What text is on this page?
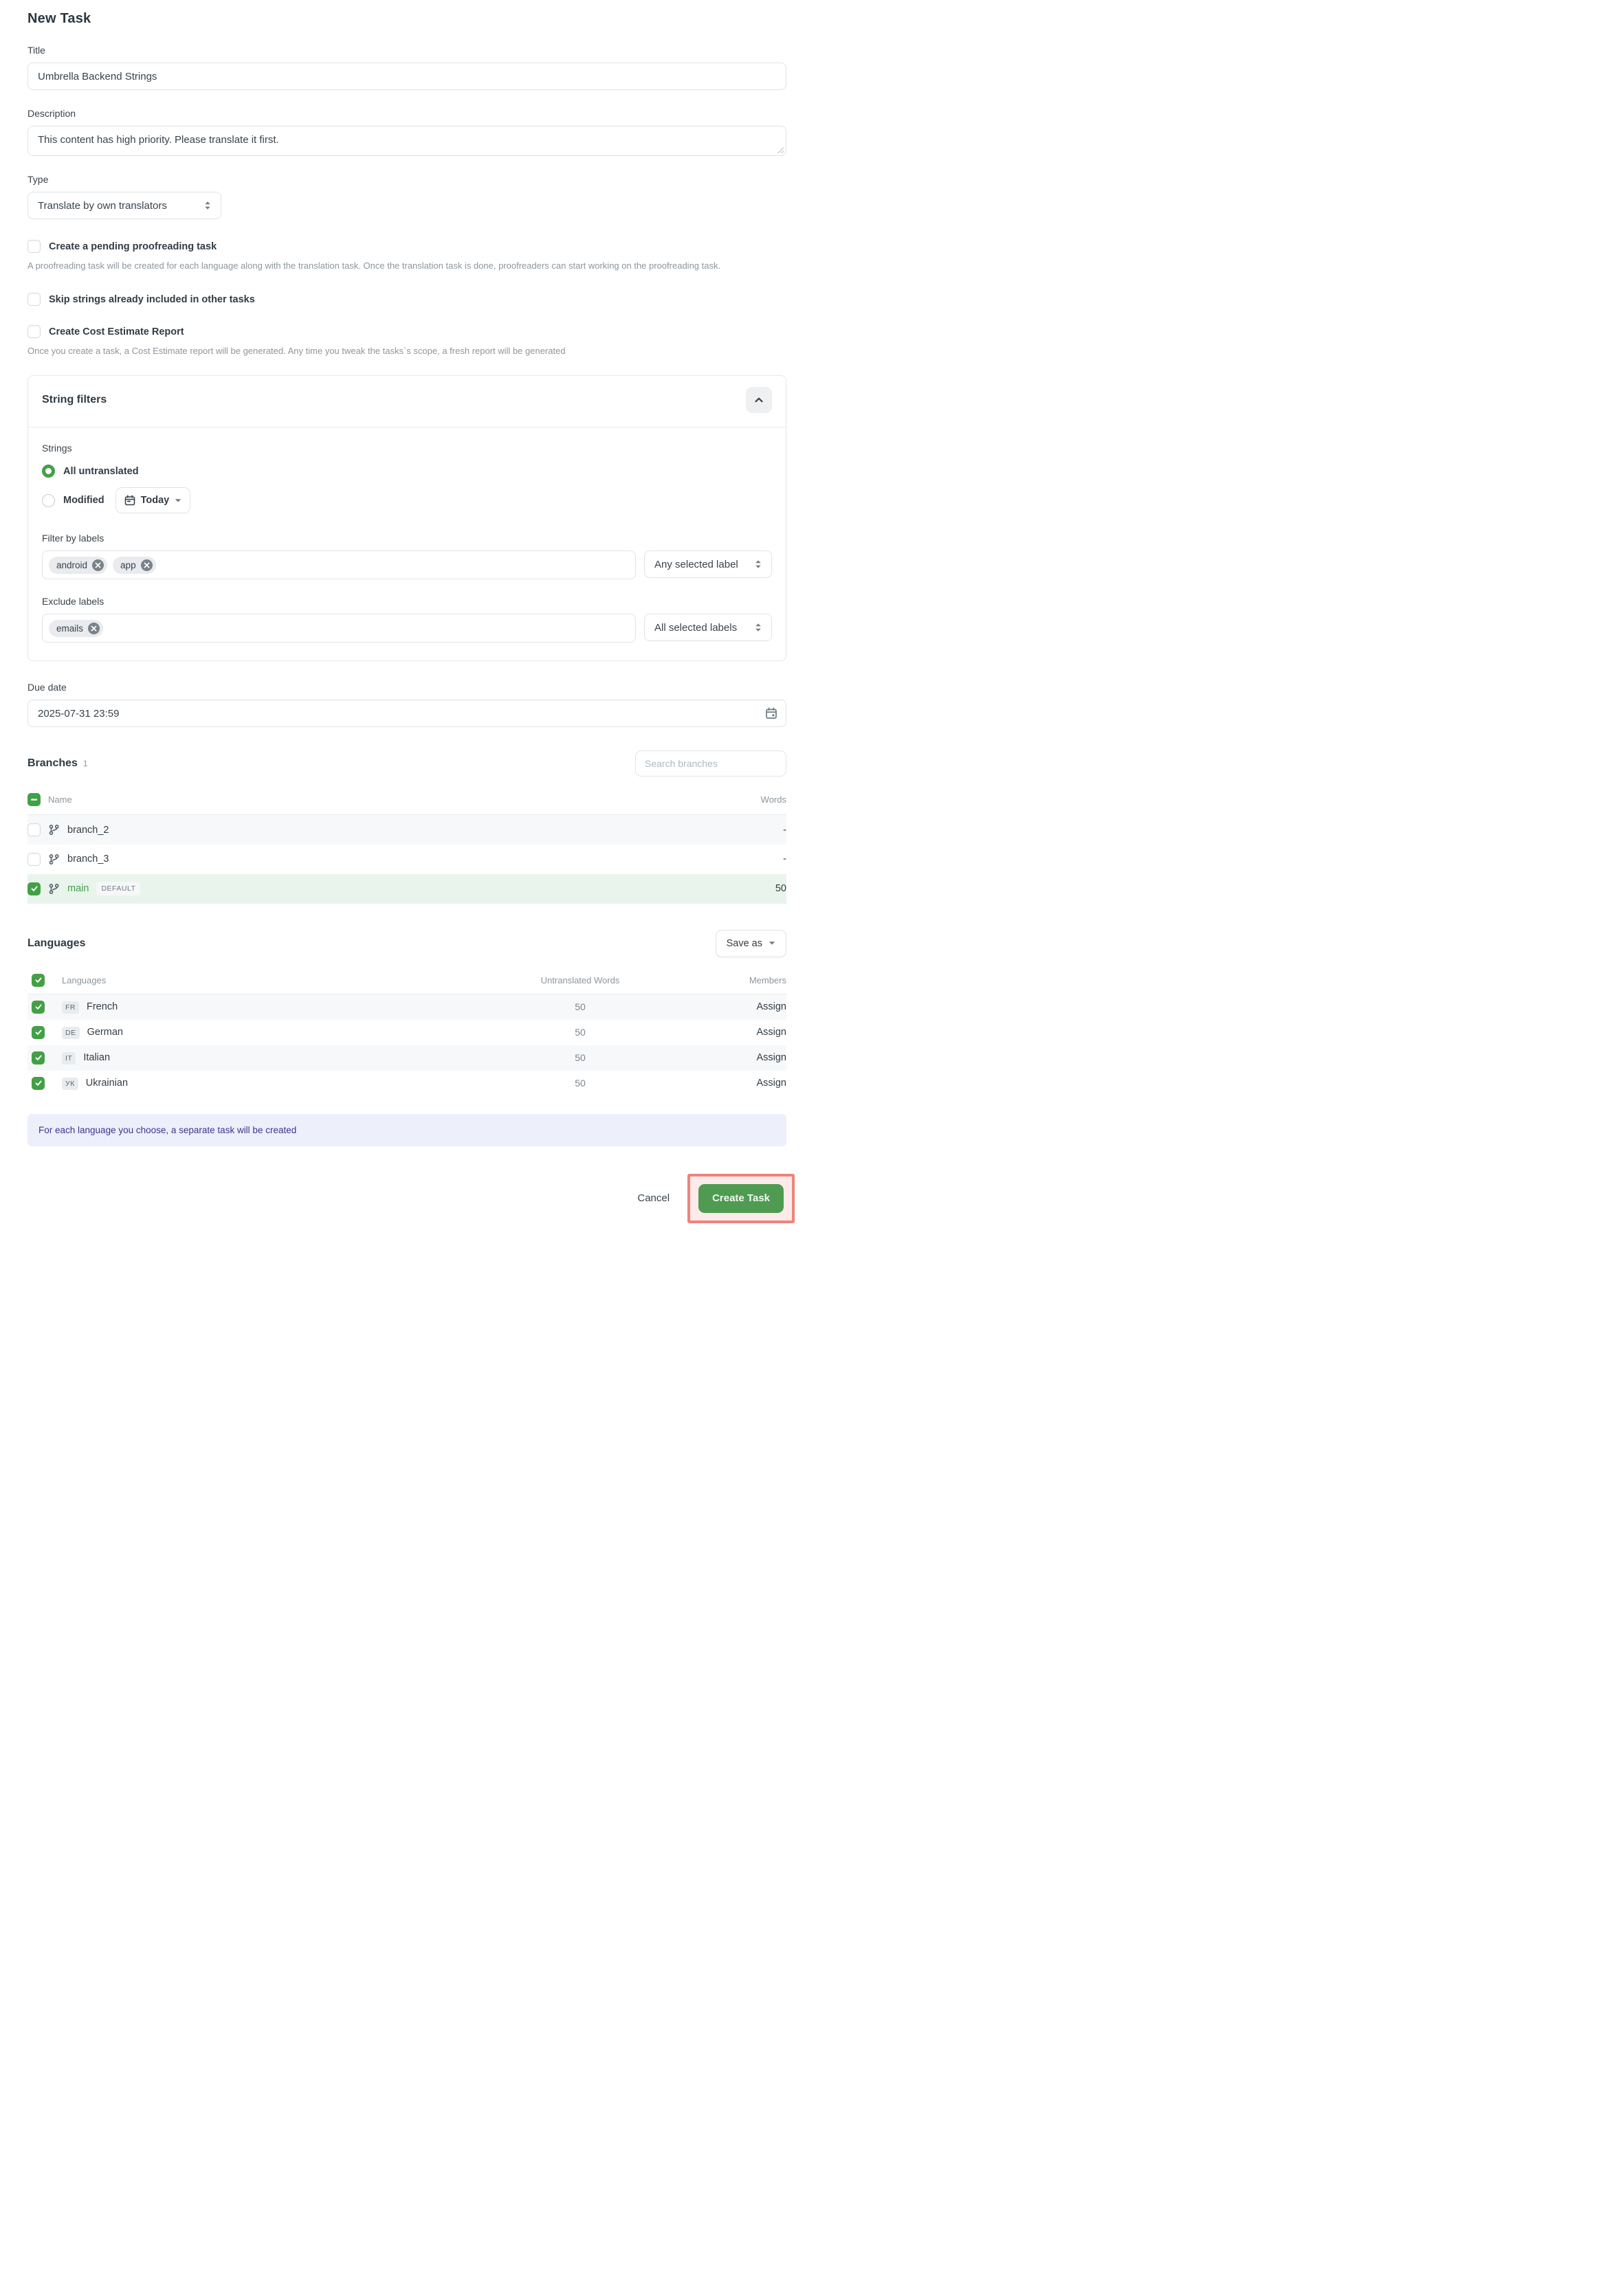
New Task
Title
Umbrella Backend Strings
Description
This content has high priority. Please translate it first.
Type
Translate by own translators
Create a pending proofreading task
A proofreading task will be created for each language along with the translation task. Once the translation task is done, proofreaders can start working on the proofreading task.
Skip strings already included in other tasks
Create Cost Estimate Report
Once you create a task, a Cost Estimate report will be generated. Any time you tweak the tasks`s scope, a fresh report will be generated
String filters
Strings
All untranslated
Modified	Today
Filter by labels
android	app	Any selected label
Exclude labels
emails	All selected labels
Due date
2025-07-31 23:59
Branches 1
Search branches
Name	Words

branch_2	-

branch_3	-

main DEFAULT	50
Languages	Save as
Languages	Untranslated Words	Members
FR French	50	Assign
DE German	50	Assign
IT Italian	50	Assign
УК Ukrainian	50	Assign
For each language you choose, a separate task will be created
Cancel	Create Task
